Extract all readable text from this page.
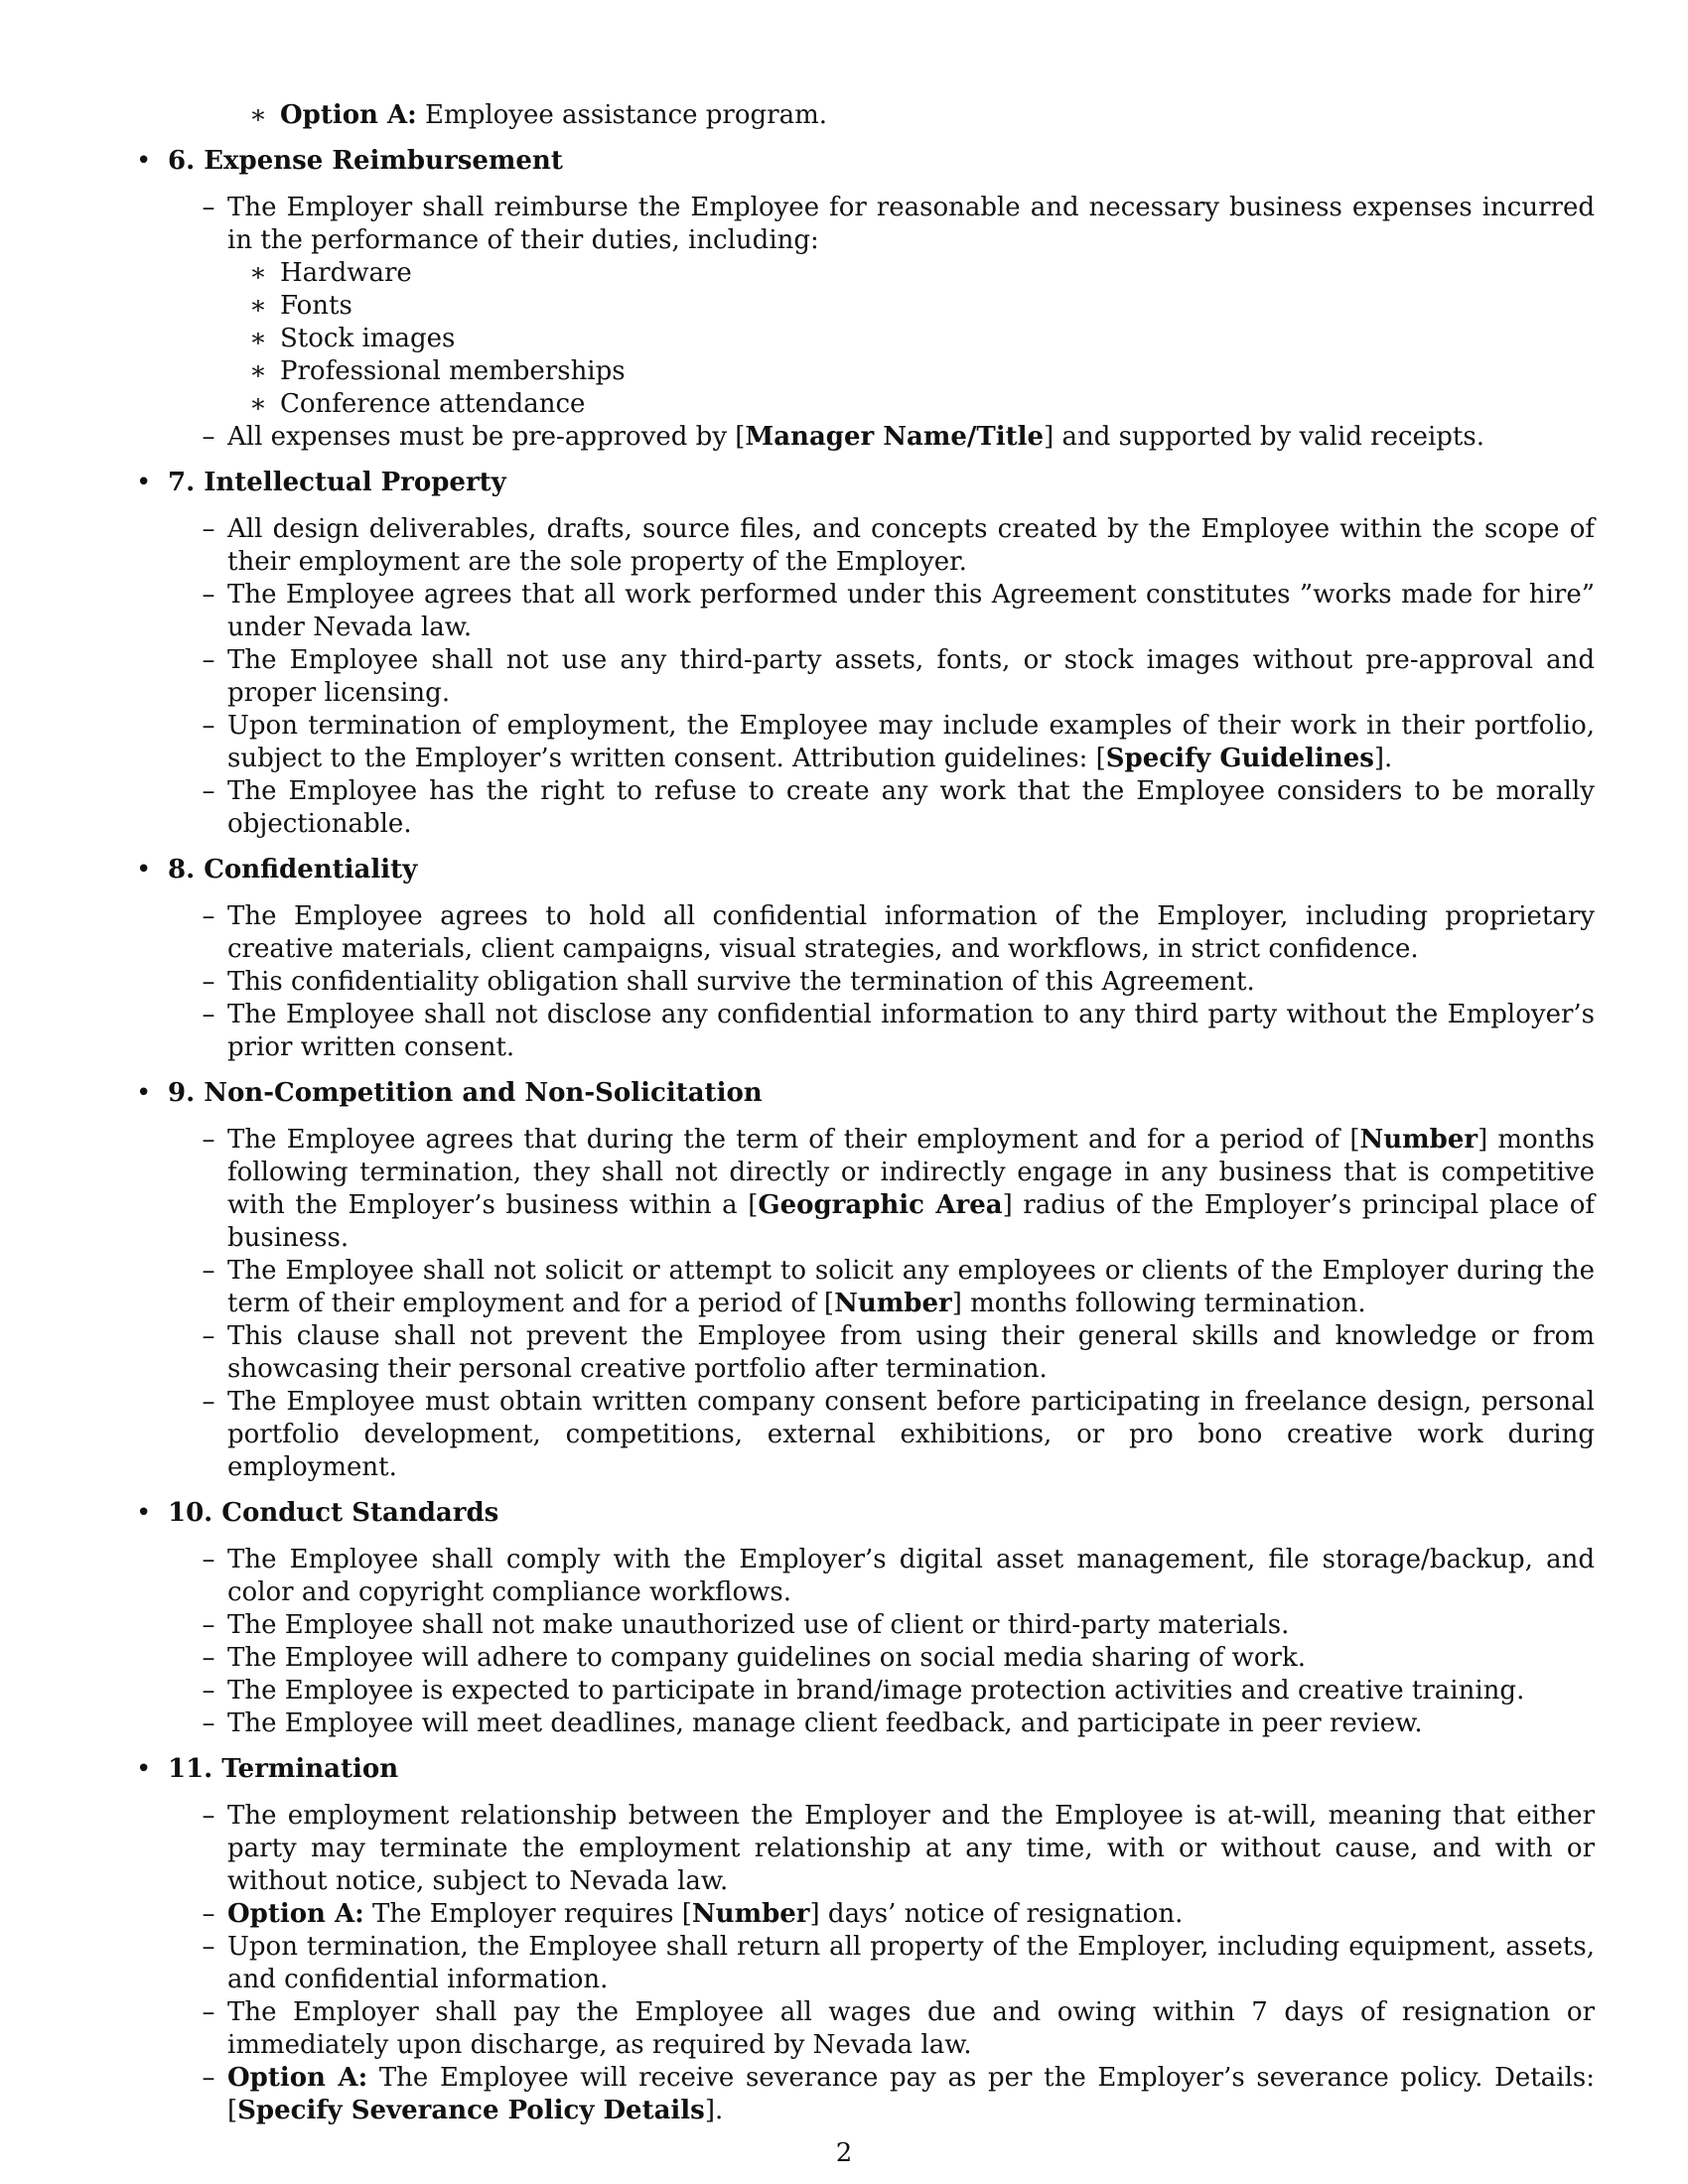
∗ Option A: Employee assistance program.
• 6. Expense Reimbursement
– The Employer shall reimburse the Employee for reasonable and necessary business expenses incurred in the performance of their duties, including:
∗ Hardware
∗ Fonts
∗ Stock images
∗ Professional memberships
∗ Conference attendance
– All expenses must be pre-approved by [Manager Name/Title] and supported by valid receipts.
• 7. Intellectual Property
– All design deliverables, drafts, source files, and concepts created by the Employee within the scope of their employment are the sole property of the Employer.
– The Employee agrees that all work performed under this Agreement constitutes ”works made for hire” under Nevada law.
– The Employee shall not use any third-party assets, fonts, or stock images without pre-approval and proper licensing.
– Upon termination of employment, the Employee may include examples of their work in their portfolio, subject to the Employer’s written consent. Attribution guidelines: [Specify Guidelines].
– The Employee has the right to refuse to create any work that the Employee considers to be morally objectionable.
• 8. Confidentiality
– The Employee agrees to hold all confidential information of the Employer, including proprietary creative materials, client campaigns, visual strategies, and workflows, in strict confidence.
– This confidentiality obligation shall survive the termination of this Agreement.
– The Employee shall not disclose any confidential information to any third party without the Employer’s prior written consent.
• 9. Non-Competition and Non-Solicitation
– The Employee agrees that during the term of their employment and for a period of [Number] months following termination, they shall not directly or indirectly engage in any business that is competitive with the Employer’s business within a [Geographic Area] radius of the Employer’s principal place of business.
– The Employee shall not solicit or attempt to solicit any employees or clients of the Employer during the term of their employment and for a period of [Number] months following termination.
– This clause shall not prevent the Employee from using their general skills and knowledge or from showcasing their personal creative portfolio after termination.
– The Employee must obtain written company consent before participating in freelance design, personal portfolio development, competitions, external exhibitions, or pro bono creative work during employment.
• 10. Conduct Standards
– The Employee shall comply with the Employer’s digital asset management, file storage/backup, and color and copyright compliance workflows.
– The Employee shall not make unauthorized use of client or third-party materials.
– The Employee will adhere to company guidelines on social media sharing of work.
– The Employee is expected to participate in brand/image protection activities and creative training.
– The Employee will meet deadlines, manage client feedback, and participate in peer review.
• 11. Termination
– The employment relationship between the Employer and the Employee is at-will, meaning that either party may terminate the employment relationship at any time, with or without cause, and with or without notice, subject to Nevada law.
– Option A: The Employer requires [Number] days’ notice of resignation.
– Upon termination, the Employee shall return all property of the Employer, including equipment, assets, and confidential information.
– The Employer shall pay the Employee all wages due and owing within 7 days of resignation or immediately upon discharge, as required by Nevada law.
– Option A: The Employee will receive severance pay as per the Employer’s severance policy. Details: [Specify Severance Policy Details].
2
